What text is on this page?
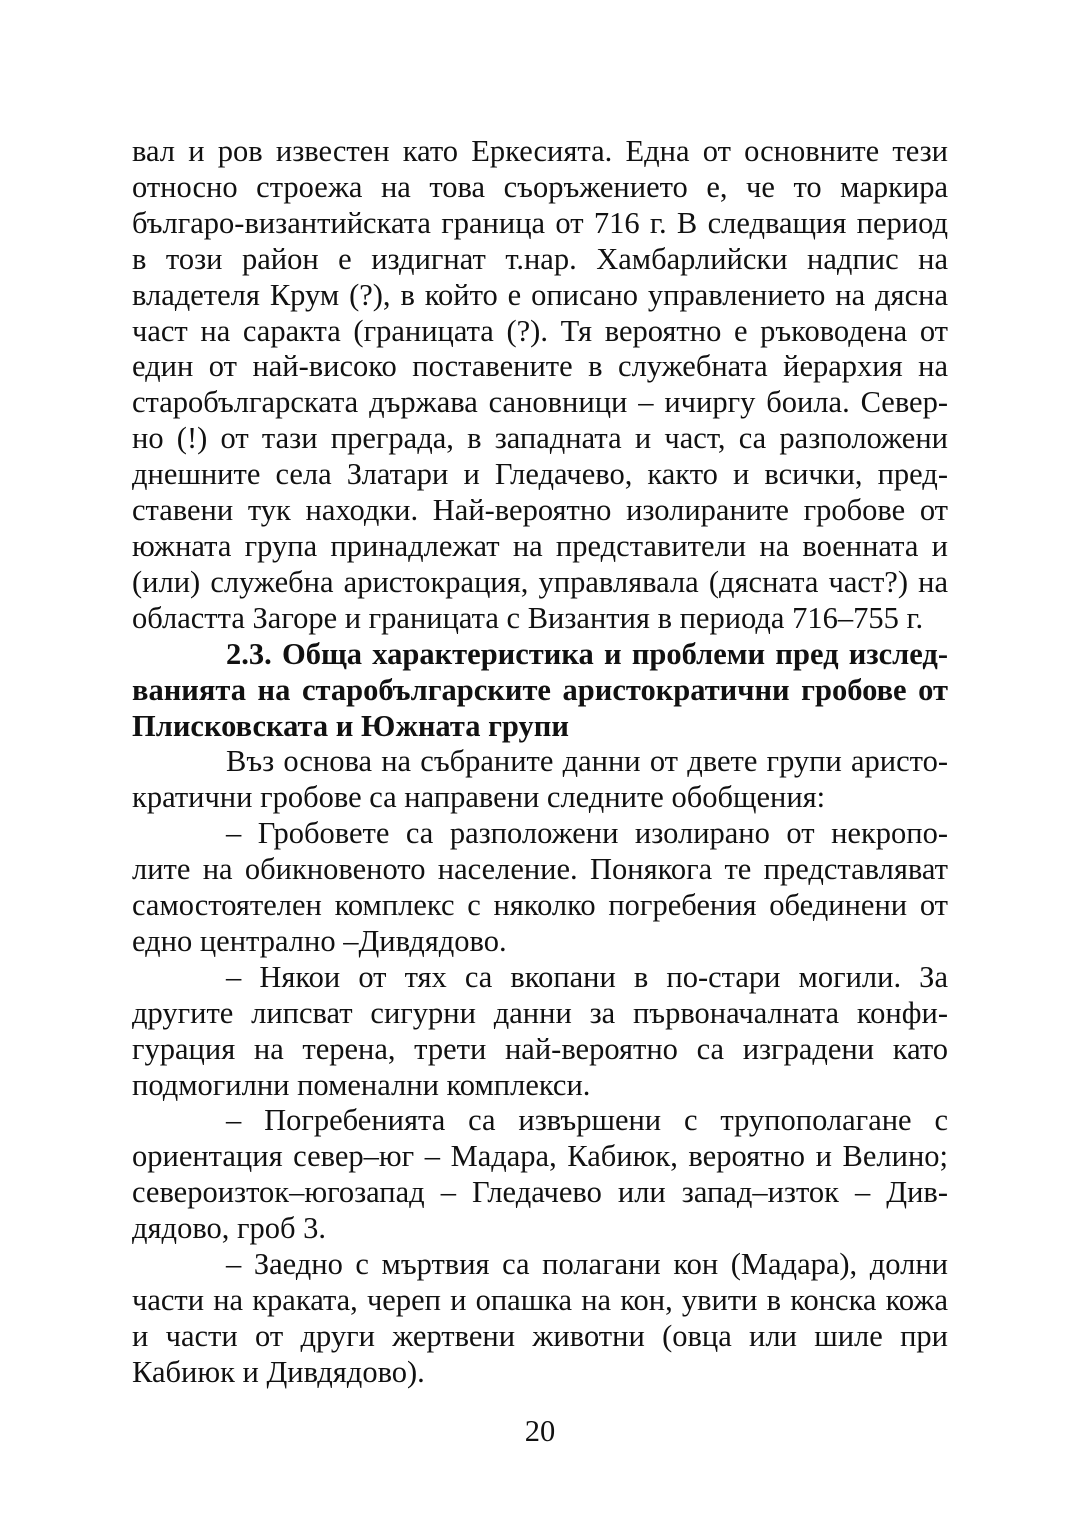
вал и ров известен като Еркесията. Една от основните тези относно строежа на това съоръжението е, че то маркира българо-византийската граница от 716 г. В следващия период в този район е издигнат т.нар. Хамбарлийски надпис на владетеля Крум (?), в който е описано управлението на дясна част на саракта (границата (?). Тя вероятно е ръководена от един от най-високо поставените в служебната йерархия на старобългарската държава сановници – ичиргу боила. Север-но (!) от тази преграда, в западната и част, са разположени днешните села Златари и Гледачево, както и всички, пред-ставени тук находки. Най-вероятно изолираните гробове от южната група принадлежат на представители на военната и (или) служебна аристокрация, управлявала (дясната част?) на областта Загоре и границата с Византия в периода 716–755 г.

2.3. Обща характеристика и проблеми пред изслед-ванията на старобългарските аристократични гробове от Плисковската и Южната групи

Въз основа на събраните данни от двете групи аристо-кратични гробове са направени следните обобщения:

– Гробовете са разположени изолирано от некропо-лите на обикновеното население. Понякога те представляват самостоятелен комплекс с няколко погребения обединени от едно централно –Дивдядово.

– Някои от тях са вкопани в по-стари могили. За другите липсват сигурни данни за първоначалната конфи-гурация на терена, трети най-вероятно са изградени като подмогилни поменални комплекси.

– Погребенията са извършени с трупополагане с ориентация север–юг – Мадара, Кабиюк, вероятно и Велино; североизток–югозапад – Гледачево или запад–изток – Див-дядово, гроб 3.

– Заедно с мъртвия са полагани кон (Мадара), долни части на краката, череп и опашка на кон, увити в конска кожа и части от други жертвени животни (овца или шиле при Кабиюк и Дивдядово).

20
